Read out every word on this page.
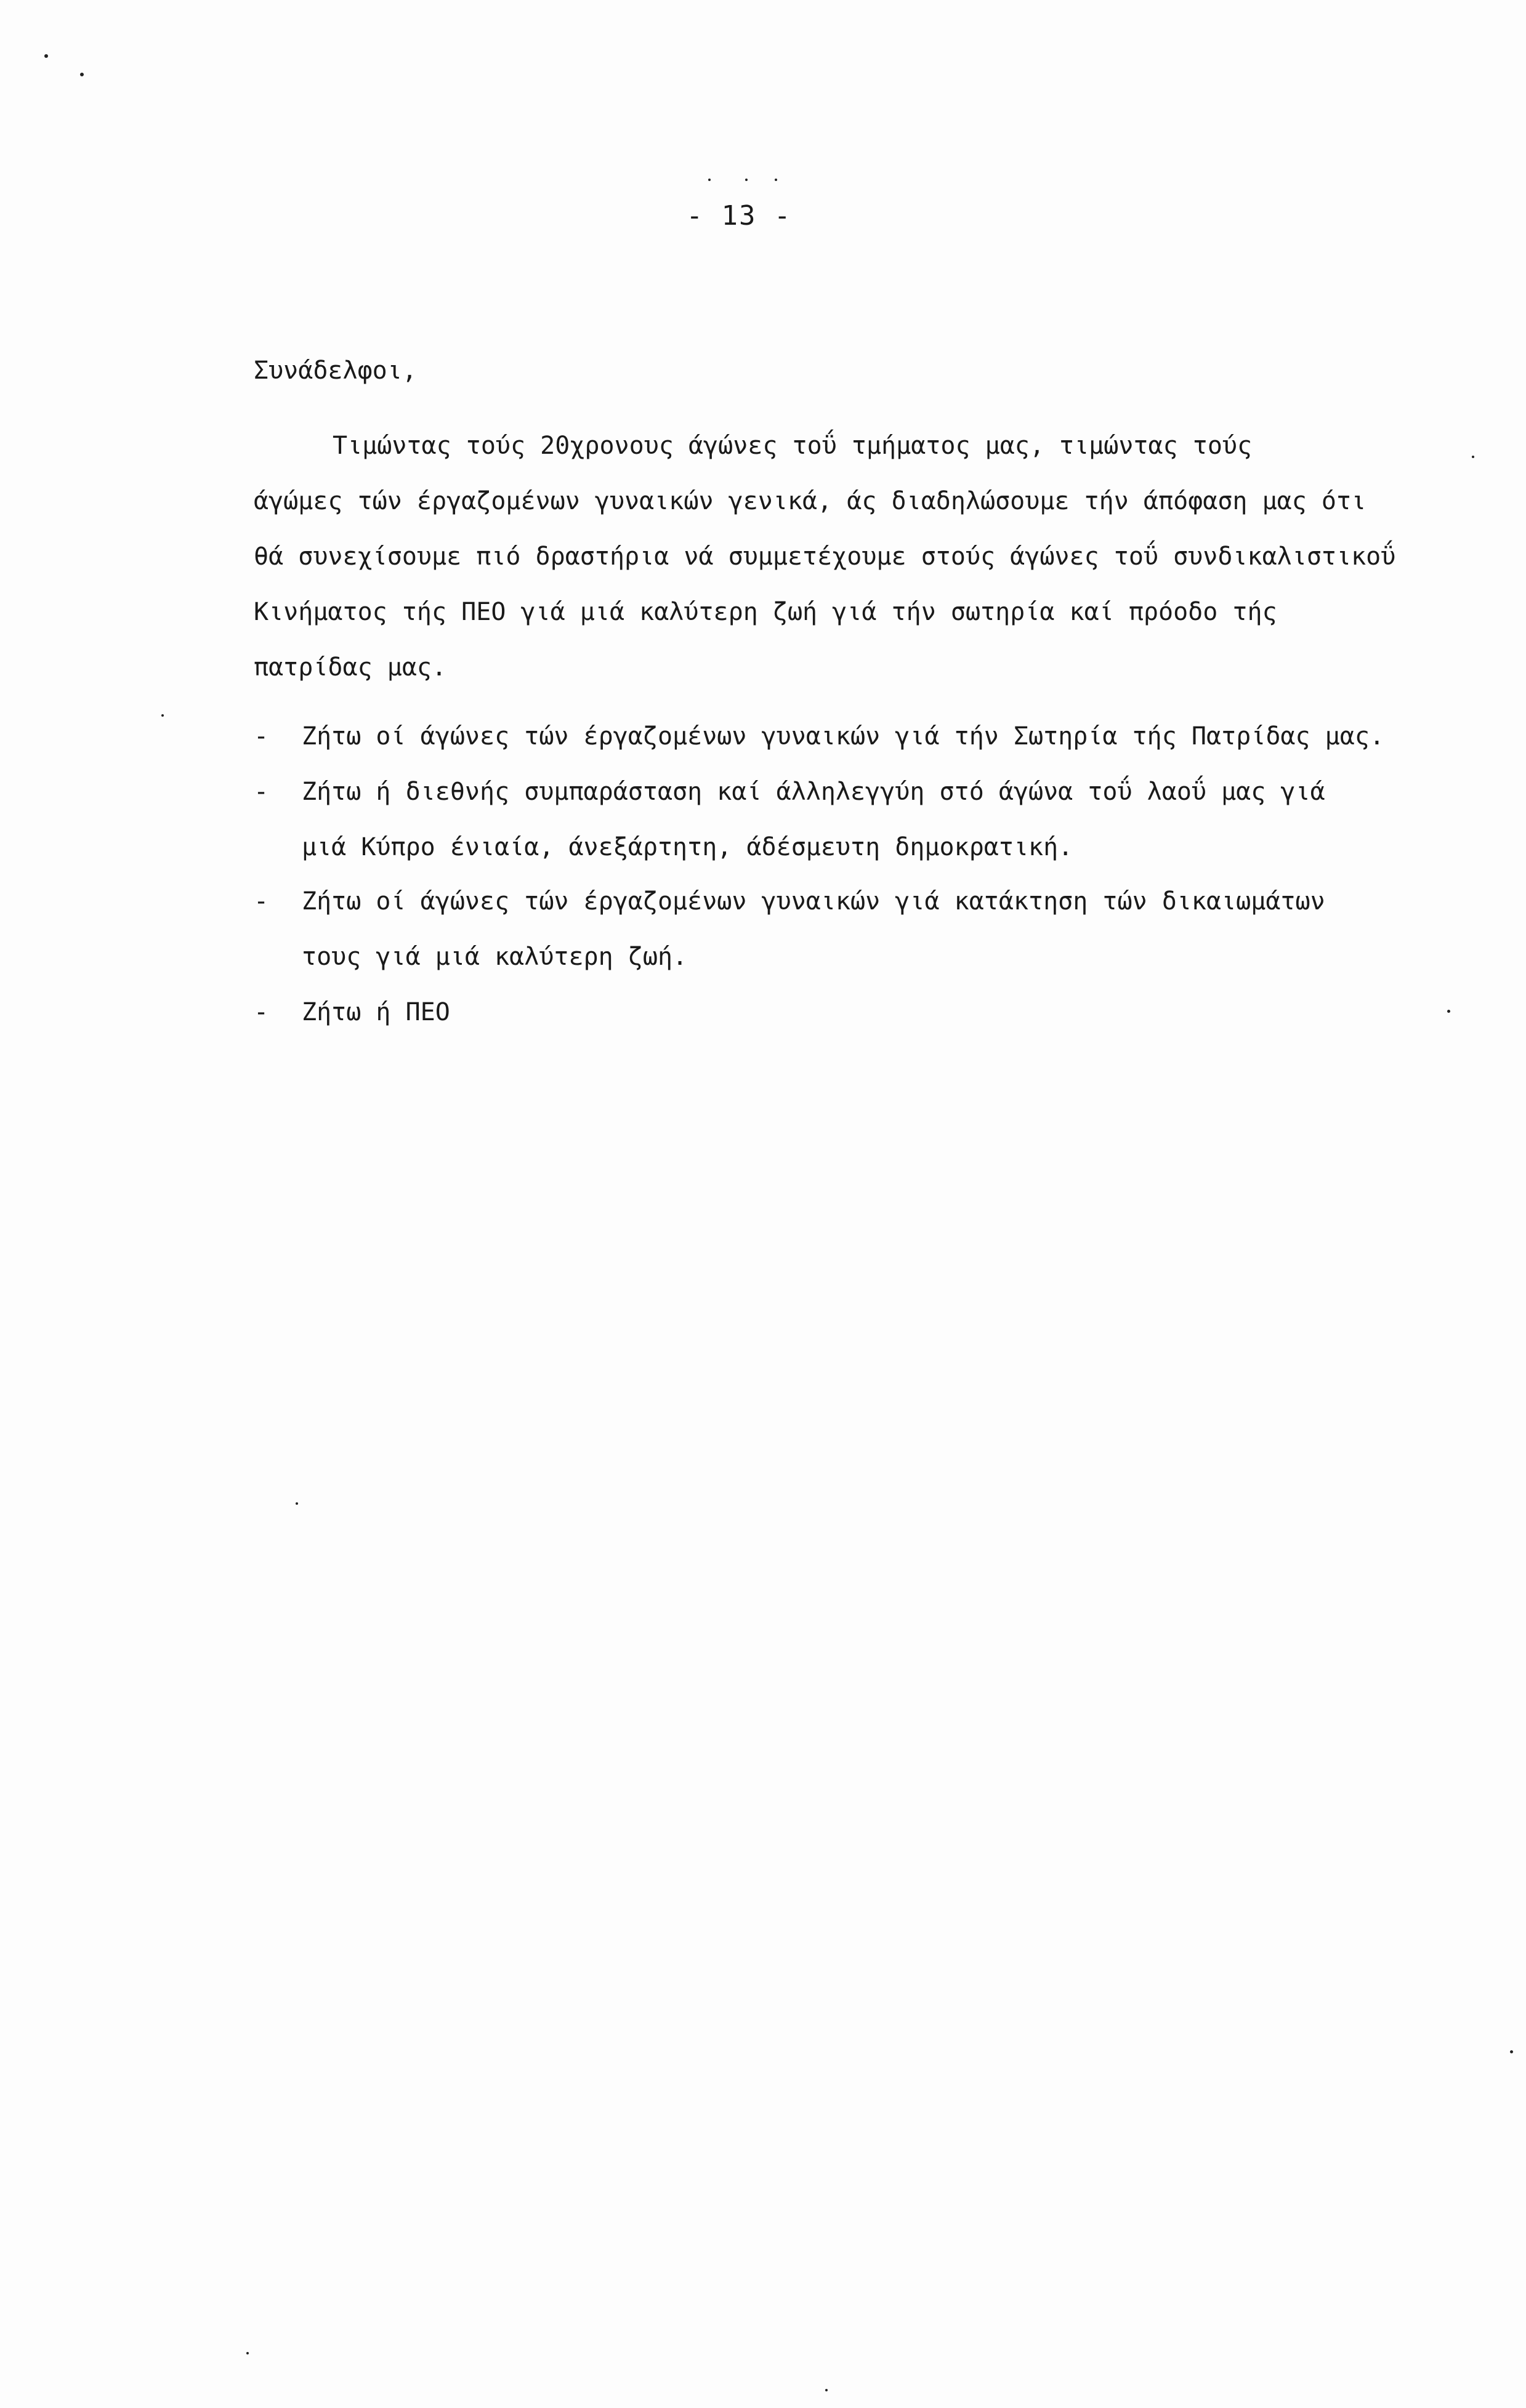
- 13 -
Συνάδελφοι,
Τιμώντας τούς 20χρονους άγώνες τοΰ τμήματος μας, τιμώντας τούς
άγώμες τών έργαζομένων γυναικών γενικά, άς διαδηλώσουμε τήν άπόφαση μας ότι
θά συνεχίσουμε πιό δραστήρια νά συμμετέχουμε στούς άγώνες τοΰ συνδικαλιστικοΰ
Κινήματος τής ΠΕΟ γιά μιά καλύτερη ζωή γιά τήν σωτηρία καί πρόοδο τής
πατρίδας μας.
- Ζήτω οί άγώνες τών έργαζομένων γυναικών γιά τήν Σωτηρία τής Πατρίδας μας.
- Ζήτω ή διεθνής συμπαράσταση καί άλληλεγγύη στό άγώνα τοΰ λαοΰ μας γιά
μιά Κύπρο ένιαία, άνεξάρτητη, άδέσμευτη δημοκρατική.
- Ζήτω οί άγώνες τών έργαζομένων γυναικών γιά κατάκτηση τών δικαιωμάτων
τους γιά μιά καλύτερη ζωή.
- Ζήτω ή ΠΕΟ
